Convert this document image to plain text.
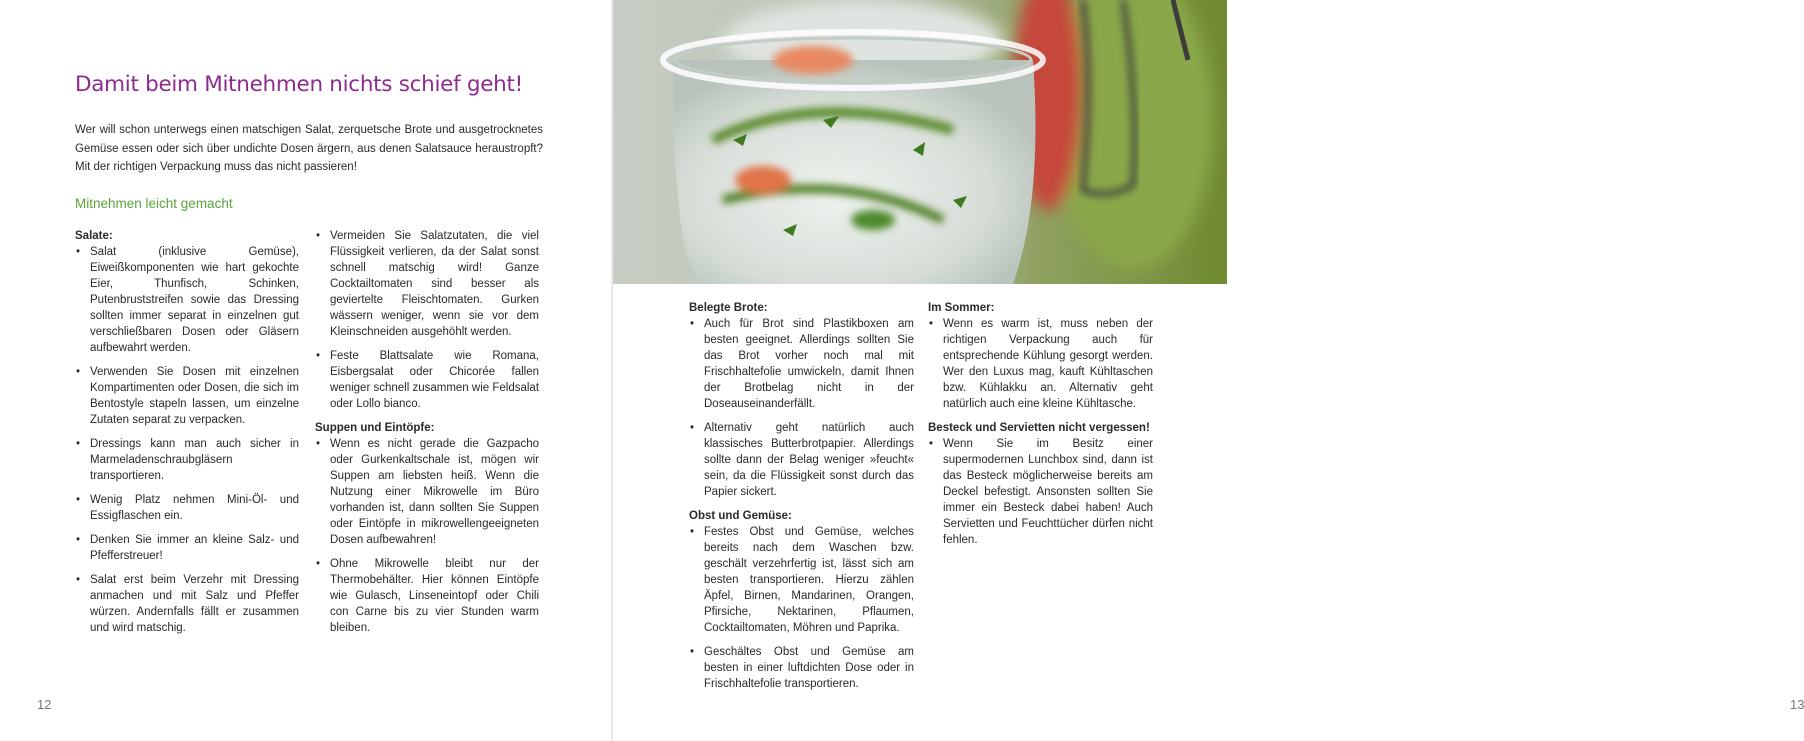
Damit beim Mitnehmen nichts schief geht!

Wer will schon unterwegs einen matschigen Salat, zerquetsche Brote und ausgetrocknetes Gemüse essen oder sich über undichte Dosen ärgern, aus denen Salatsauce heraustropft? Mit der richtigen Verpackung muss das nicht passieren!

Mitnehmen leicht gemacht

Salate:

• Salat (inklusive Gemüse), Eiweißkomponenten wie hart gekochte Eier, Thunfisch, Schinken, Putenbruststreifen sowie das Dressing sollten immer separat in einzelnen gut verschließbaren Dosen oder Gläsern aufbewahrt werden.
• Verwenden Sie Dosen mit einzelnen Kompartimenten oder Dosen, die sich im Bentostyle stapeln lassen, um einzelne Zutaten separat zu verpacken.
• Dressings kann man auch sicher in Marmeladenschraubgläsern transportieren.
• Wenig Platz nehmen Mini-Öl- und Essigflaschen ein.
• Denken Sie immer an kleine Salz- und Pfefferstreuer!
• Salat erst beim Verzehr mit Dressing anmachen und mit Salz und Pfeffer würzen. Andernfalls fällt er zusammen und wird matschig.
• Vermeiden Sie Salatzutaten, die viel Flüssigkeit verlieren, da der Salat sonst schnell matschig wird! Ganze Cocktailtomaten sind besser als geviertelte Fleischtomaten. Gurken wässern weniger, wenn sie vor dem Kleinschneiden ausgehöhlt werden.
• Feste Blattsalate wie Romana, Eisbergsalat oder Chicorée fallen weniger schnell zusammen wie Feldsalat oder Lollo bianco.

Suppen und Eintöpfe:

• Wenn es nicht gerade die Gazpacho oder Gurkenkaltschale ist, mögen wir Suppen am liebsten heiß. Wenn die Nutzung einer Mikrowelle im Büro vorhanden ist, dann sollten Sie Suppen oder Eintöpfe in mikrowellengeeigneten Dosen aufbewahren!
• Ohne Mikrowelle bleibt nur der Thermobehälter. Hier können Eintöpfe wie Gulasch, Linseneintopf oder Chili con Carne bis zu vier Stunden warm bleiben.
12	13

Belegte Brote:

• Auch für Brot sind Plastikboxen am besten geeignet. Allerdings sollten Sie das Brot vorher noch mal mit Frischhaltefolie umwickeln, damit Ihnen der Brotbelag nicht in der Doseauseinanderfällt.
• Alternativ geht natürlich auch klassisches Butterbrotpapier. Allerdings sollte dann der Belag weniger »feucht« sein, da die Flüssigkeit sonst durch das Papier sickert.

Obst und Gemüse:

• Festes Obst und Gemüse, welches bereits nach dem Waschen bzw. geschält verzehrfertig ist, lässt sich am besten transportieren. Hierzu zählen Äpfel, Birnen, Mandarinen, Orangen, Pfirsiche, Nektarinen, Pflaumen, Cocktailtomaten, Möhren und Paprika.
• Geschältes Obst und Gemüse am besten in einer luftdichten Dose oder in Frischhaltefolie transportieren.

Im Sommer:

• Wenn es warm ist, muss neben der richtigen Verpackung auch für entsprechende Kühlung gesorgt werden. Wer den Luxus mag, kauft Kühltaschen bzw. Kühlakku an. Alternativ geht natürlich auch eine kleine Kühltasche.

Besteck und Servietten nicht vergessen!

• Wenn Sie im Besitz einer supermodernen Lunchbox sind, dann ist das Besteck möglicherweise bereits am Deckel befestigt. Ansonsten sollten Sie immer ein Besteck dabei haben! Auch Servietten und Feuchttücher dürfen nicht fehlen.
